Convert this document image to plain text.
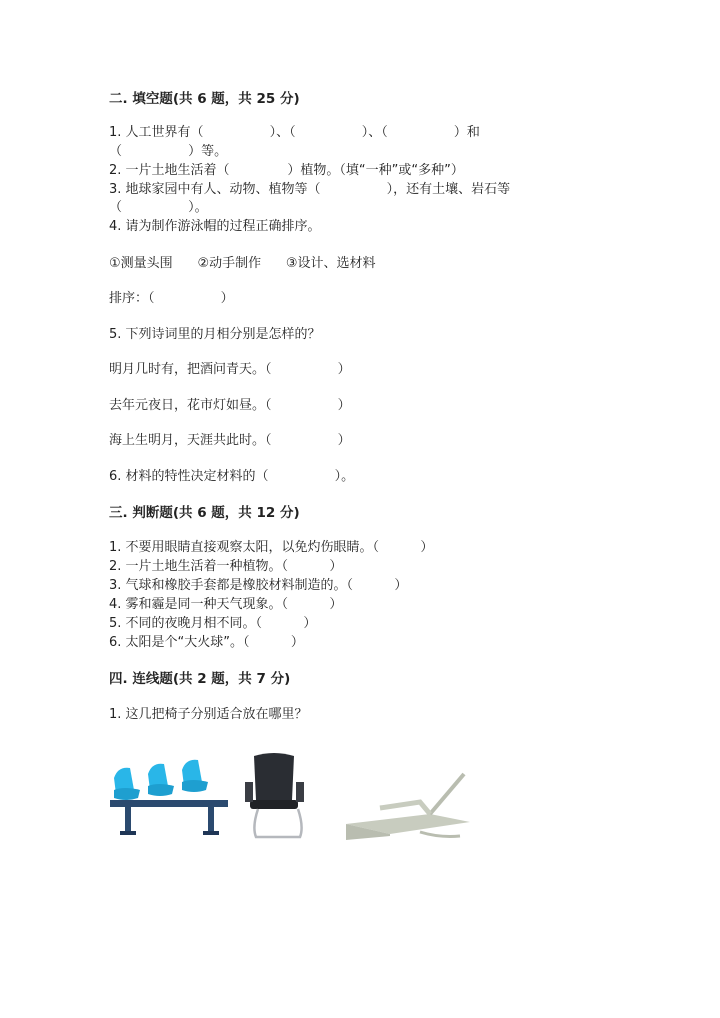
二. 填空题(共 6 题，共 25 分)
1. 人工世界有（                ）、（                ）、（                ）和
（                ）等。
2. 一片土地生活着（              ）植物。（填“一种”或“多种”）
3. 地球家园中有人、动物、植物等（                ），还有土壤、岩石等
（                ）。
4. 请为制作游泳帽的过程正确排序。
①测量头围      ②动手制作      ③设计、选材料
排序：（                ）
5. 下列诗词里的月相分别是怎样的？
明月几时有，把酒问青天。（                ）
去年元夜日，花市灯如昼。（                ）
海上生明月，天涯共此时。（                ）
6. 材料的特性决定材料的（                ）。
三. 判断题(共 6 题，共 12 分)
1. 不要用眼睛直接观察太阳，以免灼伤眼睛。（          ）
2. 一片土地生活着一种植物。（          ）
3. 气球和橡胶手套都是橡胶材料制造的。（          ）
4. 雾和霾是同一种天气现象。（          ）
5. 不同的夜晚月相不同。（          ）
6. 太阳是个“大火球”。（          ）
四. 连线题(共 2 题，共 7 分)
1. 这几把椅子分别适合放在哪里？
